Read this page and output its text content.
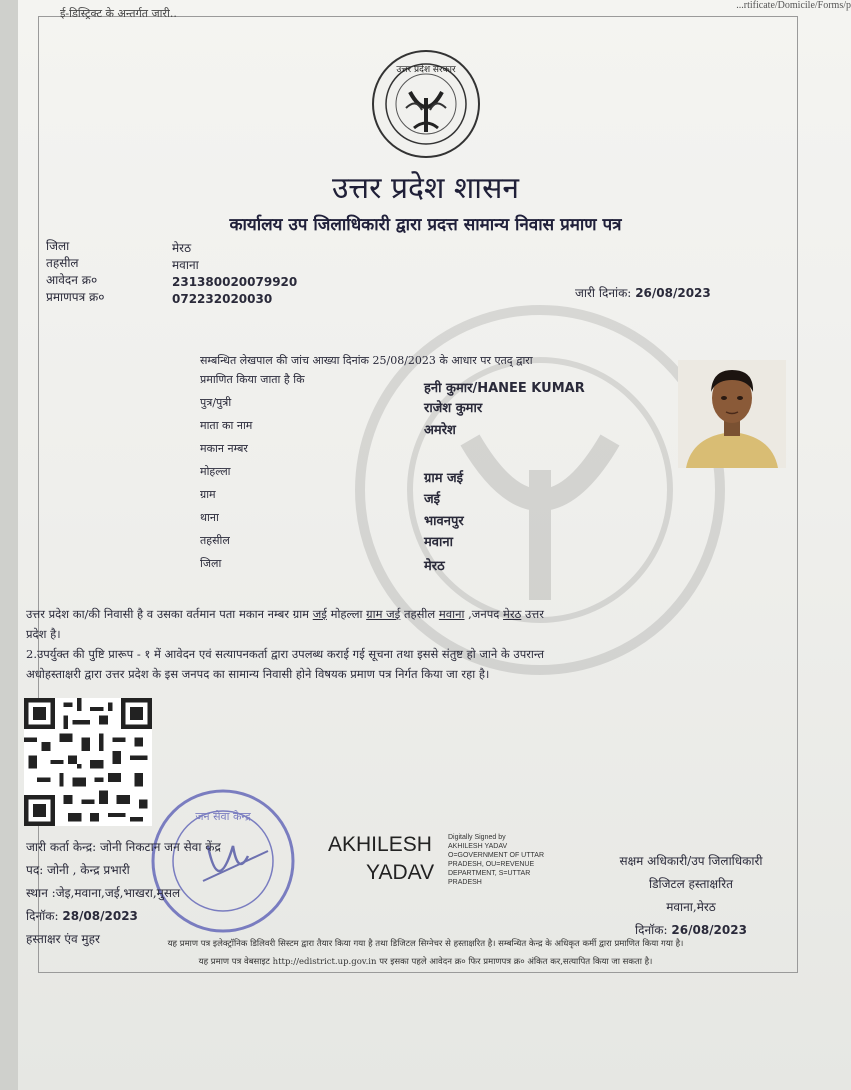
...rtificate/Domicile/Forms/p
ई-डिस्ट्रिक्ट के अन्तर्गत जारी..
उत्तर प्रदेश सरकार
उत्तर प्रदेश शासन
कार्यालय उप जिलाधिकारी द्वारा प्रदत्त सामान्य निवास प्रमाण पत्र
जिला
तहसील
आवेदन क्र०
प्रमाणपत्र क्र०
मेरठ
मवाना
231380020079920
072232020030	जारी दिनांक: 26/08/2023
सम्बन्धित लेखपाल की जांच आख्या दिनांक 25/08/2023 के आधार पर एतद् द्वारा
प्रमाणित किया जाता है कि
पुत्र/पुत्री
माता का नाम
मकान नम्बर
मोहल्ला
ग्राम
थाना
तहसील
जिला
हनी कुमार/HANEE KUMAR
राजेश कुमार
अमरेश
ग्राम जई
जई
भावनपुर
मवाना
मेरठ
उत्तर प्रदेश का/की निवासी है व उसका वर्तमान पता मकान नम्बर ग्राम जई मोहल्ला ग्राम जई तहसील मवाना ,जनपद मेरठ उत्तर
प्रदेश है।
2.उपर्युक्त की पुष्टि प्रारूप - १ में आवेदन एवं सत्यापनकर्ता द्वारा उपलब्ध कराई गई सूचना तथा इससे संतुष्ट हो जाने के उपरान्त
अधोहस्ताक्षरी द्वारा उत्तर प्रदेश के इस जनपद का सामान्य निवासी होने विषयक प्रमाण पत्र निर्गत किया जा रहा है।
जन सेवा केन्द्र
जारी कर्ता केन्द्र: जोनी निकटान जन सेवा केंद्र
पद: जोनी , केन्द्र प्रभारी
स्थान :जेइ,मवाना,जई,भाखरा,मुसल
दिनॉक: 28/08/2023
हस्ताक्षर एंव मुहर
AKHILESH
YADAV
Digitally Signed by
AKHILESH YADAV
O=GOVERNMENT OF UTTAR
PRADESH, OU=REVENUE
DEPARTMENT, S=UTTAR
PRADESH
सक्षम अधिकारी/उप जिलाधिकारी
डिजिटल हस्ताक्षरित
मवाना,मेरठ
दिनॉक: 26/08/2023
यह प्रमाण पत्र इलेक्ट्रॉनिक डिलिवरी सिस्टम द्वारा तैयार किया गया है तथा डिजिटल सिग्नेचर से हस्ताक्षरित है। सम्बन्धित केन्द्र के अधिकृत कर्मी द्वारा प्रमाणित किया गया है।
यह प्रमाण पत्र वेबसाइट http://edistrict.up.gov.in पर इसका पहले आवेदन क्र० फिर प्रमाणपत्र क्र० अंकित कर,सत्यापित किया जा सकता है।
